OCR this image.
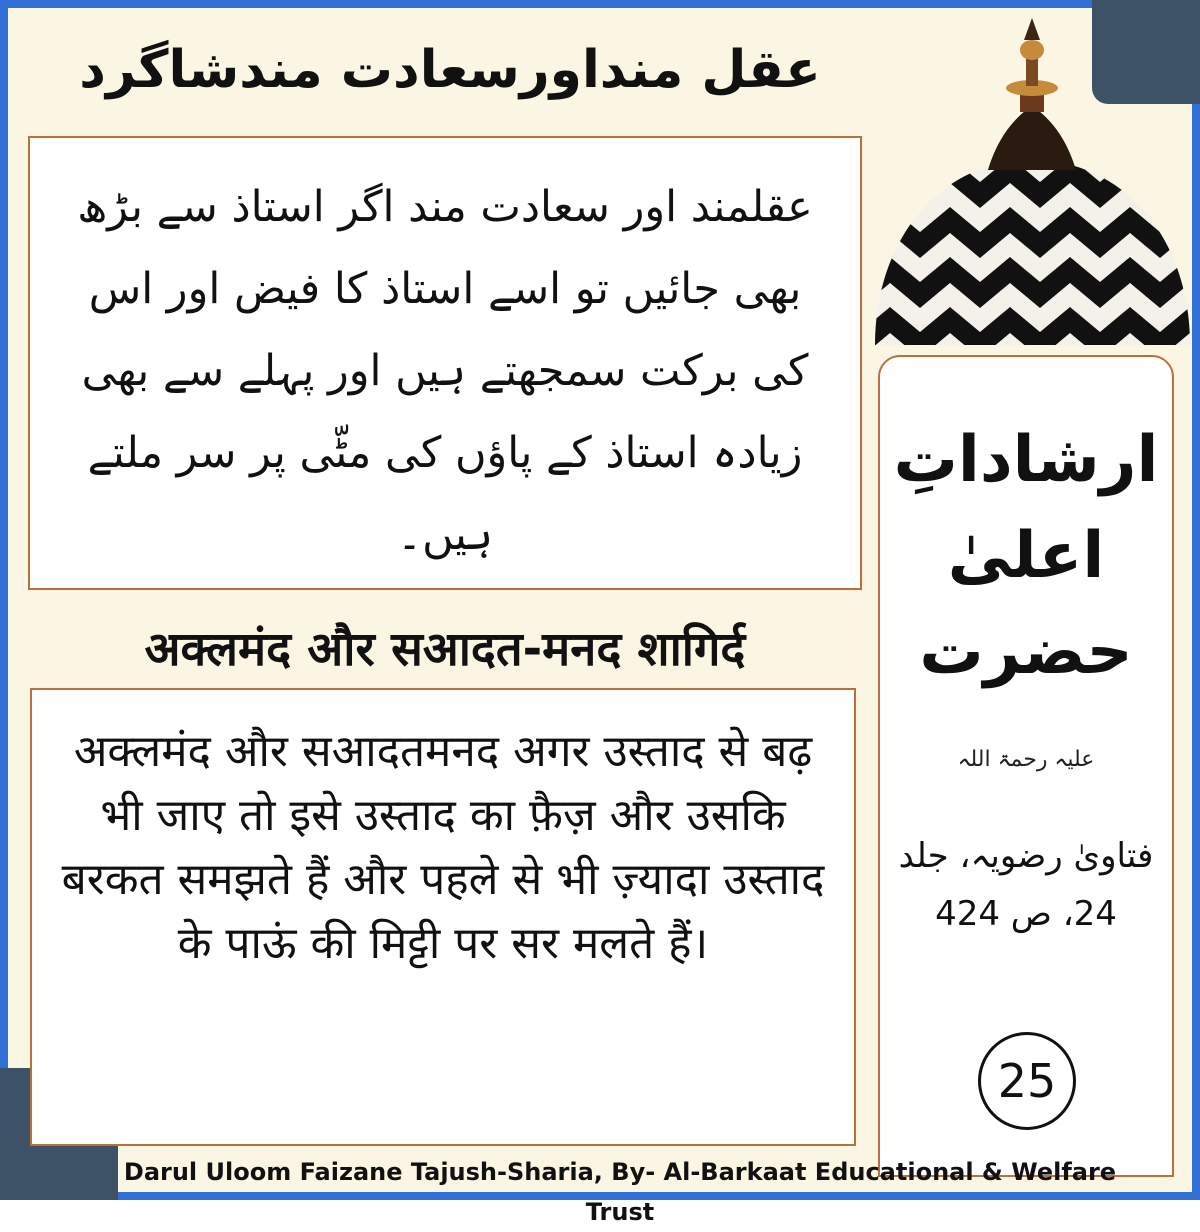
عقل منداورسعادت مندشاگرد
عقلمند اور سعادت مند اگر استاذ سے بڑھ بھی جائیں تو اسے استاذ کا فیض اور اس کی برکت سمجھتے ہیں اور پہلے سے بھی زیادہ استاذ کے پاؤں کی مٹّی پر سر ملتے ہیں۔
अक्लमंद और सआदत-मनद शागिर्द
अक्लमंद और सआदतमनद अगर उस्ताद से बढ़ भी जाए तो इसे उस्ताद का फ़ैज़ और उसकि बरकत समझते हैं और पहले से भी ज़्यादा उस्ताद के पाऊं की मिट्टी पर सर मलते हैं।
ارشاداتِ اعلیٰ حضرت
علیہ رحمۃ اللہ
فتاویٰ رضویہ، جلد 24، ص 424
25
Darul Uloom Faizane Tajush-Sharia, By- Al-Barkaat Educational & Welfare Trust
